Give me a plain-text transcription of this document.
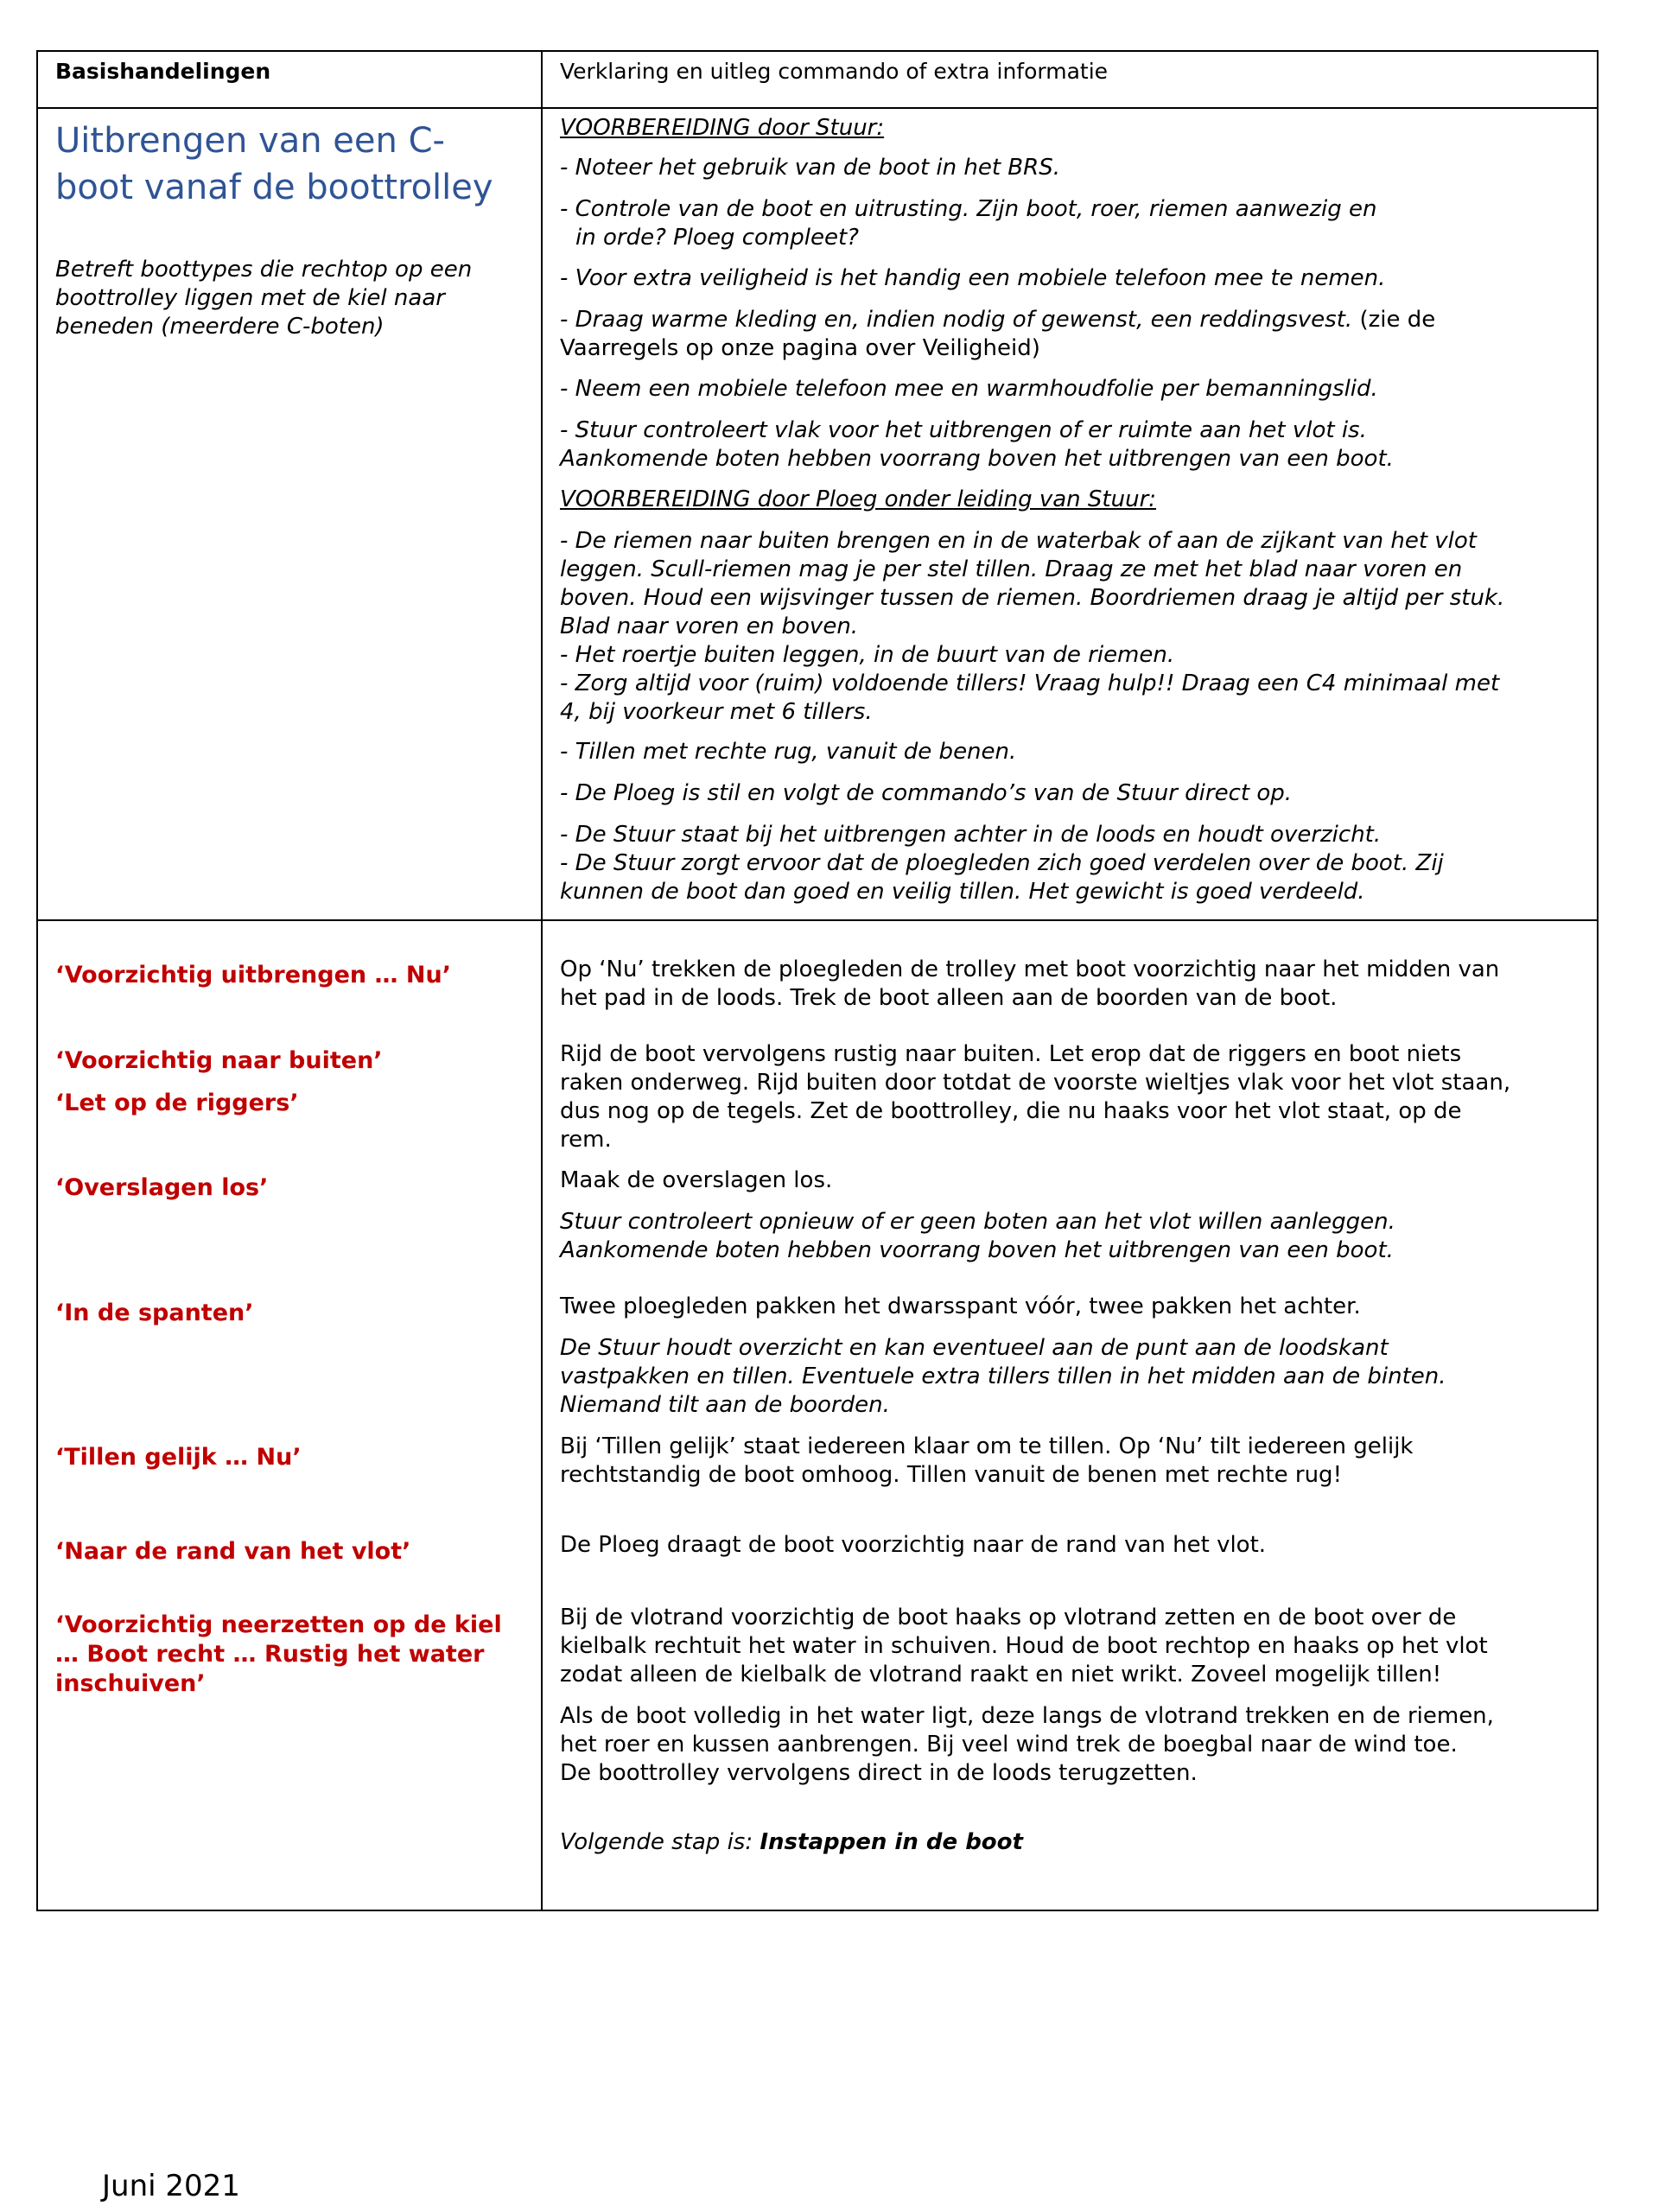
Basishandelingen	Verklaring en uitleg commando of extra informatie
Uitbrengen van een C-boot vanaf de boottrolley
Betreft boottypes die rechtop op een boottrolley liggen met de kiel naar beneden (meerdere C-boten)
VOORBEREIDING door Stuur:
- Noteer het gebruik van de boot in het BRS.
- Controle van de boot en uitrusting. Zijn boot, roer, riemen aanwezig en
in orde? Ploeg compleet?
- Voor extra veiligheid is het handig een mobiele telefoon mee te nemen.
- Draag warme kleding en, indien nodig of gewenst, een reddingsvest. (zie de
Vaarregels op onze pagina over Veiligheid)
- Neem een mobiele telefoon mee en warmhoudfolie per bemanningslid.
- Stuur controleert vlak voor het uitbrengen of er ruimte aan het vlot is.
Aankomende boten hebben voorrang boven het uitbrengen van een boot.
VOORBEREIDING door Ploeg onder leiding van Stuur:
- De riemen naar buiten brengen en in de waterbak of aan de zijkant van het vlot
leggen. Scull-riemen mag je per stel tillen. Draag ze met het blad naar voren en
boven. Houd een wijsvinger tussen de riemen. Boordriemen draag je altijd per stuk.
Blad naar voren en boven.
- Het roertje buiten leggen, in de buurt van de riemen.
- Zorg altijd voor (ruim) voldoende tillers! Vraag hulp!! Draag een C4 minimaal met
4, bij voorkeur met 6 tillers.
- Tillen met rechte rug, vanuit de benen.
- De Ploeg is stil en volgt de commando’s van de Stuur direct op.
- De Stuur staat bij het uitbrengen achter in de loods en houdt overzicht.
- De Stuur zorgt ervoor dat de ploegleden zich goed verdelen over de boot. Zij
kunnen de boot dan goed en veilig tillen. Het gewicht is goed verdeeld.
‘Voorzichtig uitbrengen … Nu’
‘Voorzichtig naar buiten’
‘Let op de riggers’
‘Overslagen los’
‘In de spanten’
‘Tillen gelijk … Nu’
‘Naar de rand van het vlot’
‘Voorzichtig neerzetten op de kiel
… Boot recht … Rustig het water
inschuiven’
Op ‘Nu’ trekken de ploegleden de trolley met boot voorzichtig naar het midden van
het pad in de loods. Trek de boot alleen aan de boorden van de boot.
Rijd de boot vervolgens rustig naar buiten. Let erop dat de riggers en boot niets
raken onderweg. Rijd buiten door totdat de voorste wieltjes vlak voor het vlot staan,
dus nog op de tegels. Zet de boottrolley, die nu haaks voor het vlot staat, op de
rem.
Maak de overslagen los.
Stuur controleert opnieuw of er geen boten aan het vlot willen aanleggen.
Aankomende boten hebben voorrang boven het uitbrengen van een boot.
Twee ploegleden pakken het dwarsspant vóór, twee pakken het achter.
De Stuur houdt overzicht en kan eventueel aan de punt aan de loodskant
vastpakken en tillen. Eventuele extra tillers tillen in het midden aan de binten.
Niemand tilt aan de boorden.
Bij ‘Tillen gelijk’ staat iedereen klaar om te tillen. Op ‘Nu’ tilt iedereen gelijk
rechtstandig de boot omhoog. Tillen vanuit de benen met rechte rug!
De Ploeg draagt de boot voorzichtig naar de rand van het vlot.
Bij de vlotrand voorzichtig de boot haaks op vlotrand zetten en de boot over de
kielbalk rechtuit het water in schuiven. Houd de boot rechtop en haaks op het vlot
zodat alleen de kielbalk de vlotrand raakt en niet wrikt. Zoveel mogelijk tillen!
Als de boot volledig in het water ligt, deze langs de vlotrand trekken en de riemen,
het roer en kussen aanbrengen. Bij veel wind trek de boegbal naar de wind toe.
De boottrolley vervolgens direct in de loods terugzetten.
Volgende stap is: Instappen in de boot
Juni 2021
